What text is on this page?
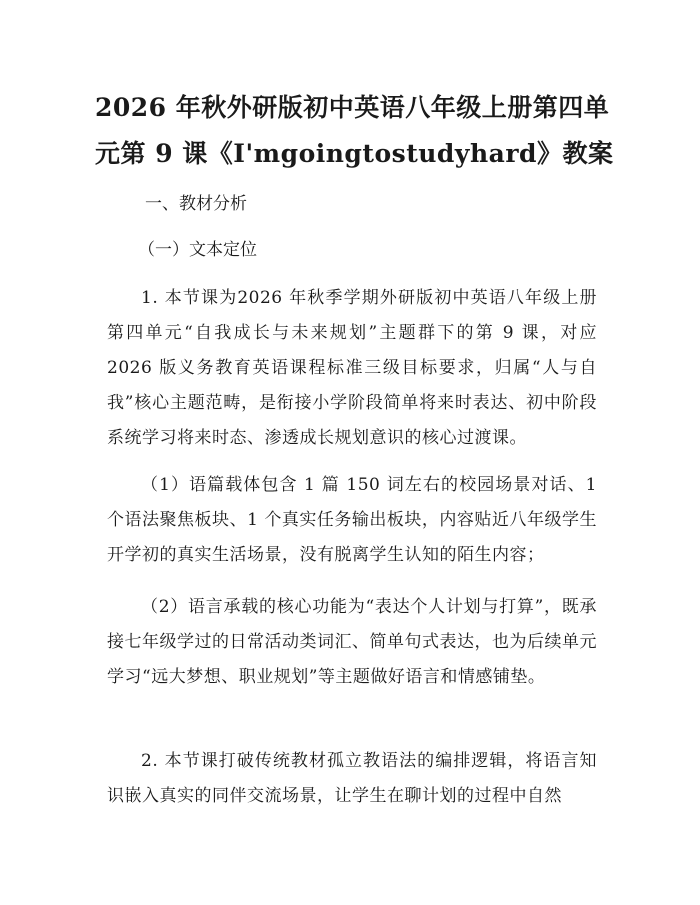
2026 年秋外研版初中英语八年级上册第四单
元第 9 课《I'mgoingtostudyhard》教案
一、教材分析
（一）文本定位
1. 本节课为2026 年秋季学期外研版初中英语八年级上册第四单元“自我成长与未来规划”主题群下的第 9 课，对应 2026 版义务教育英语课程标准三级目标要求，归属“人与自我”核心主题范畴，是衔接小学阶段简单将来时表达、初中阶段系统学习将来时态、渗透成长规划意识的核心过渡课。
（1）语篇载体包含 1 篇 150 词左右的校园场景对话、1 个语法聚焦板块、1 个真实任务输出板块，内容贴近八年级学生开学初的真实生活场景，没有脱离学生认知的陌生内容；
（2）语言承载的核心功能为“表达个人计划与打算”，既承接七年级学过的日常活动类词汇、简单句式表达，也为后续单元学习“远大梦想、职业规划”等主题做好语言和情感铺垫。
2. 本节课打破传统教材孤立教语法的编排逻辑，将语言知识嵌入真实的同伴交流场景，让学生在聊计划的过程中自然
